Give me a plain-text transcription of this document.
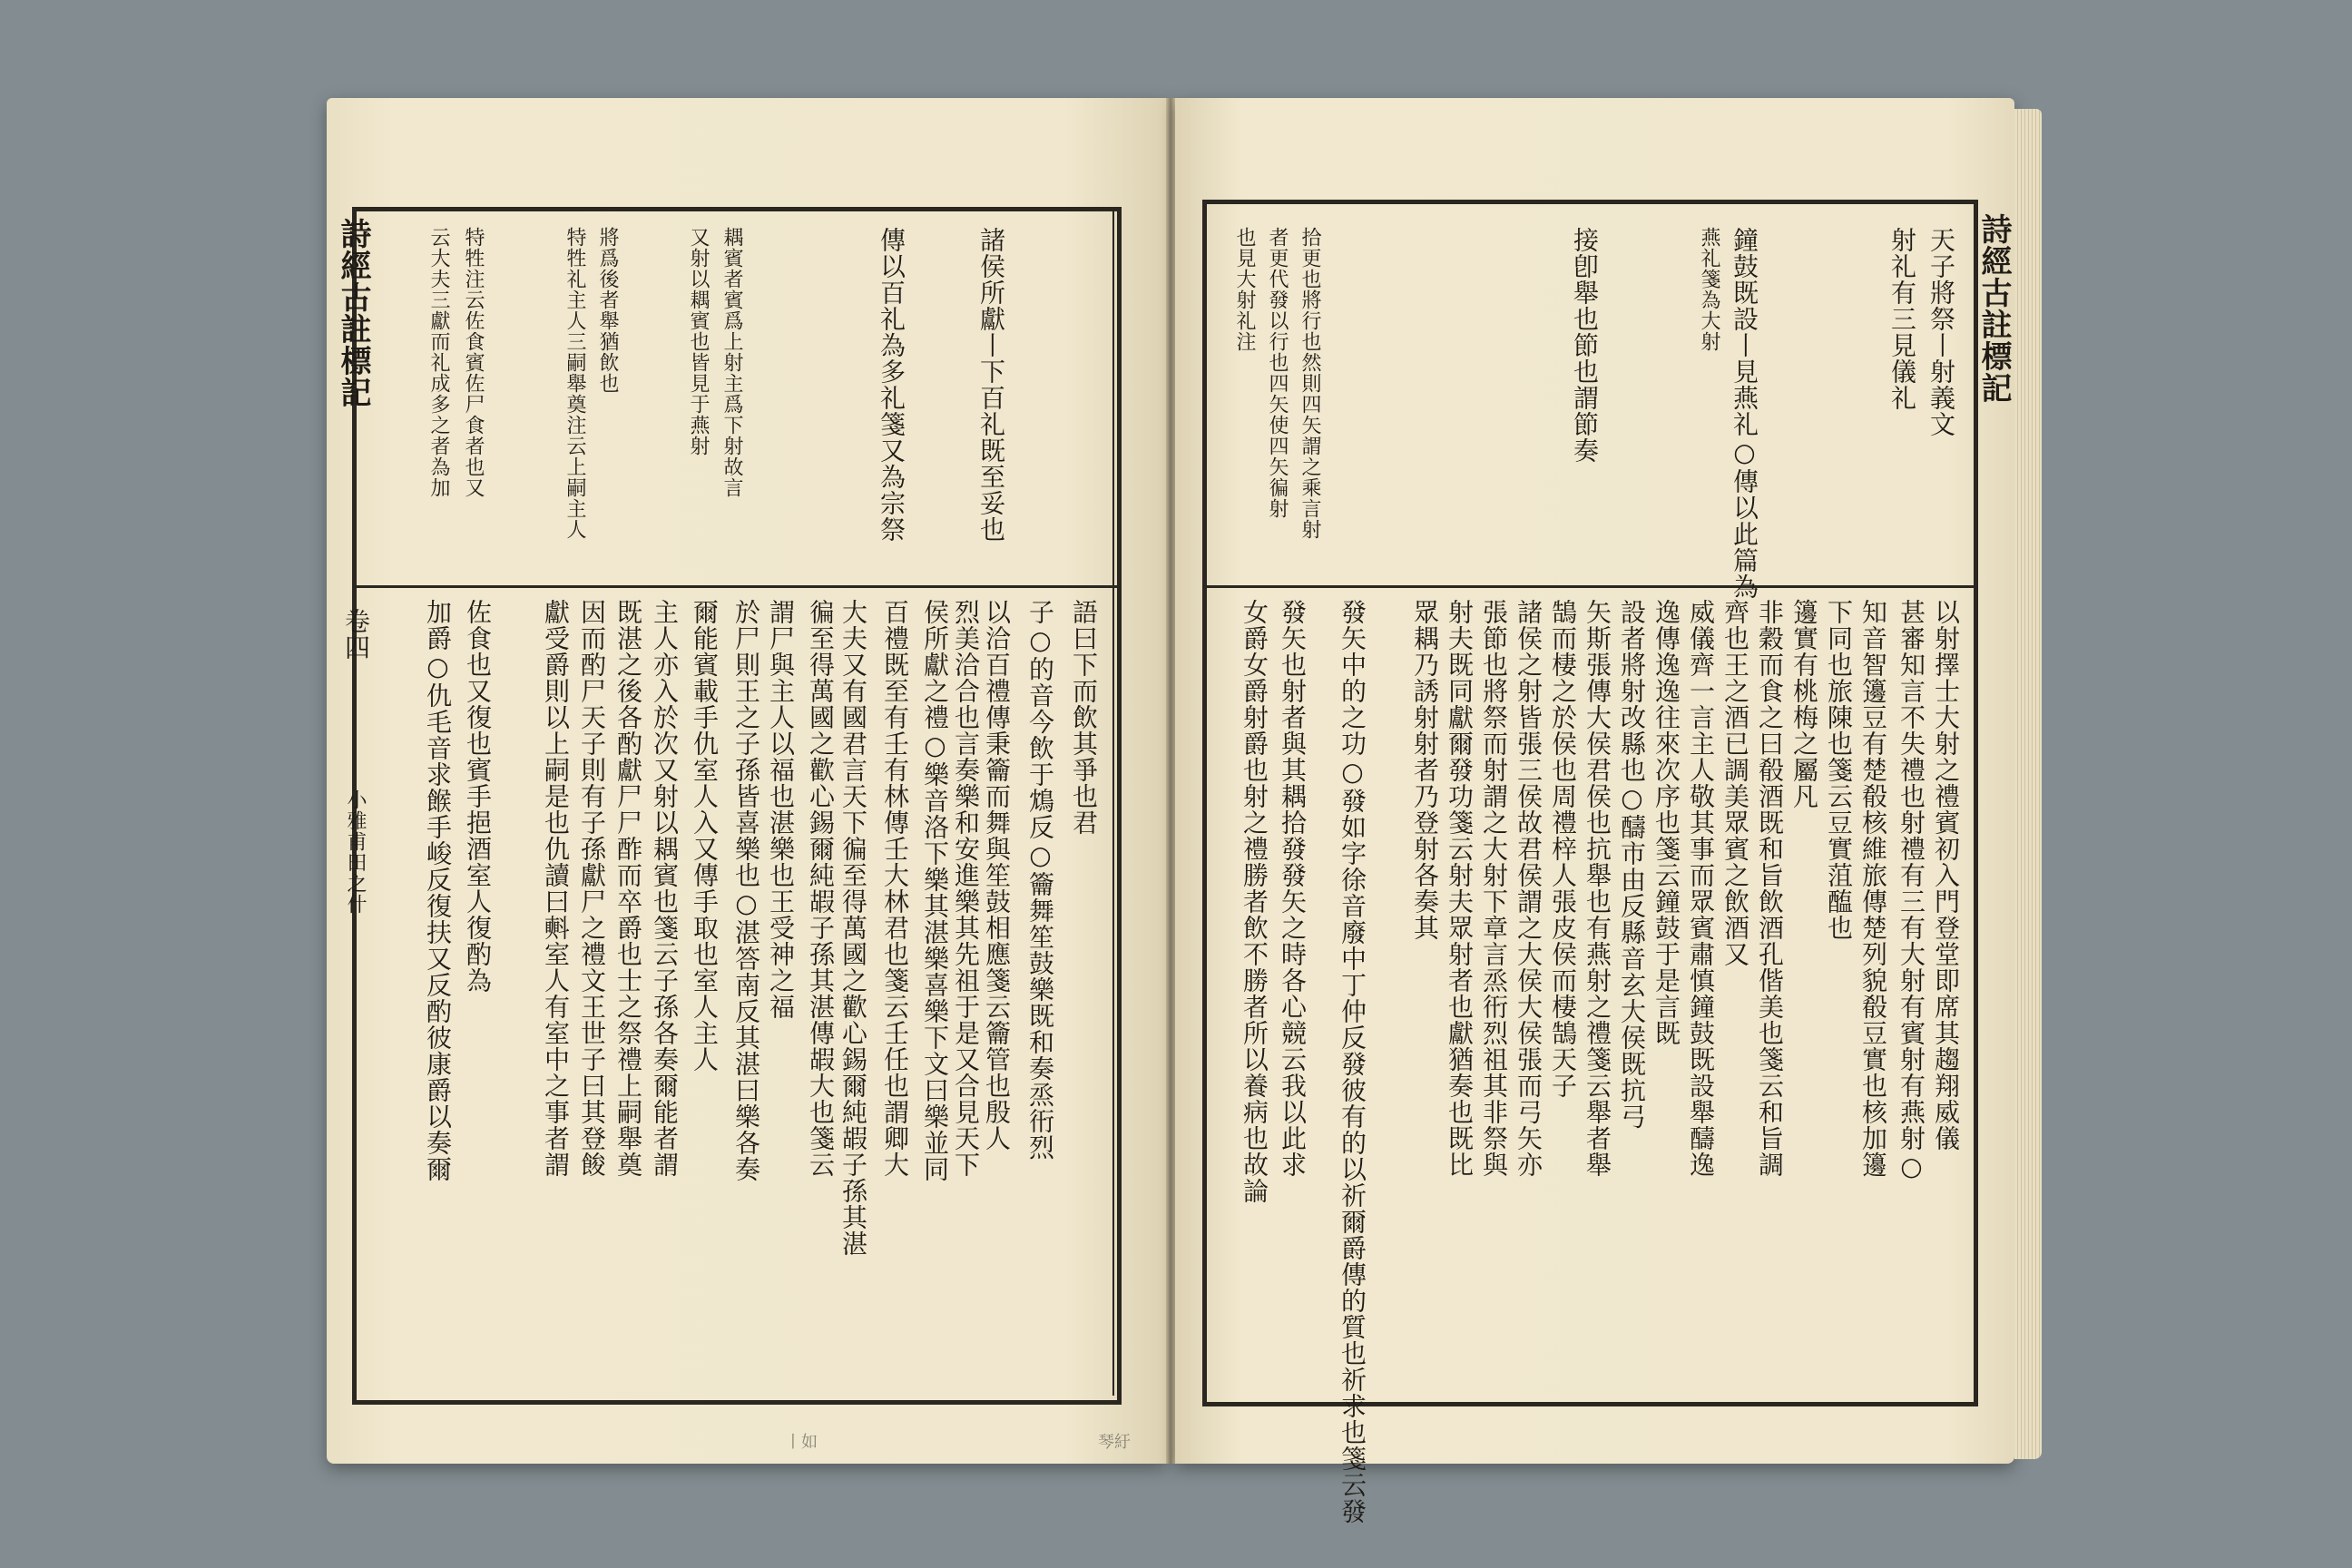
詩經古註標記
卷四
小雅甫田之什
諸侯所獻丨下百礼既至妥也
傳以百礼為多礼箋又為宗祭
耦賓者賓爲上射主爲下射故言
又射以耦賓也皆見于燕射
將爲後者舉猶飲也
特牲礼主人三嗣舉奠注云上嗣主人
特牲注云佐食賓佐尸食者也又
云大夫三獻而礼成多之者為加
語曰下而飲其爭也君
子○的音今飲于鴆反○籥舞笙鼓樂既和奏烝衎烈
以洽百禮傳秉籥而舞與笙鼓相應箋云籥管也殷人
烈美洽合也言奏樂和安進樂其先祖于是又合見天下
侯所獻之禮○樂音洛下樂其湛樂喜樂下文曰樂並同
百禮既至有壬有林傳壬大林君也箋云壬任也謂卿大
大夫又有國君言天下徧至得萬國之歡心錫爾純嘏子孫其湛
徧至得萬國之歡心錫爾純嘏子孫其湛傳嘏大也箋云
謂尸與主人以福也湛樂也王受神之福
於尸則王之子孫皆喜樂也○湛答南反其湛曰樂各奏
爾能賓載手仇室人入又傳手取也室人主人
主人亦入於次又射以耦賓也箋云子孫各奏爾能者謂
既湛之後各酌獻尸尸酢而卒爵也士之祭禮上嗣舉奠
因而酌尸天子則有子孫獻尸之禮文王世子曰其登餕
獻受爵則以上嗣是也仇讀曰㪺室人有室中之事者謂
佐食也又復也賓手挹酒室人復酌為
加爵○仇毛音求餱手峻反復扶又反酌彼康爵以奏爾
天子將祭丨射義文
射礼有三見儀礼
鐘鼓既設丨見燕礼○傳以此篇為
燕礼箋為大射
接卽舉也節也謂節奏
拾更也將行也然則四矢謂之乘言射
者更代發以行也四矢使四矢徧射
也見大射礼注	詩經古註標記
以射擇士大射之禮賓初入門登堂即席其趨翔威儀
甚審知言不失禮也射禮有三有大射有賓射有燕射○
知音智籩豆有楚殽核維旅傳楚列貌殽豆實也核加籩
下同也旅陳也箋云豆實菹醢也
籩實有桃梅之屬凡
非穀而食之曰殽酒既和旨飲酒孔偕美也箋云和旨調
齊也王之酒已調美眾賓之飲酒又
威儀齊一言主人敬其事而眾賓肅慎鐘鼓既設舉醻逸
逸傳逸逸往來次序也箋云鐘鼓于是言既
設者將射改縣也○醻市由反縣音玄大侯既抗弓
矢斯張傳大侯君侯也抗舉也有燕射之禮箋云舉者舉
鵠而棲之於侯也周禮梓人張皮侯而棲鵠天子
諸侯之射皆張三侯故君侯謂之大侯大侯張而弓矢亦
張節也將祭而射謂之大射下章言烝衎烈祖其非祭與
射夫既同獻爾發功箋云射夫眾射者也獻猶奏也既比
眾耦乃誘射射者乃登射各奏其
發矢中的之功○發如字徐音廢中丁仲反發彼有的以祈爾爵傳的質也祈求也箋云發
發矢也射者與其耦拾發發矢之時各心競云我以此求
女爵女爵射爵也射之禮勝者飲不勝者所以養病也故論
丨如	琴紆
